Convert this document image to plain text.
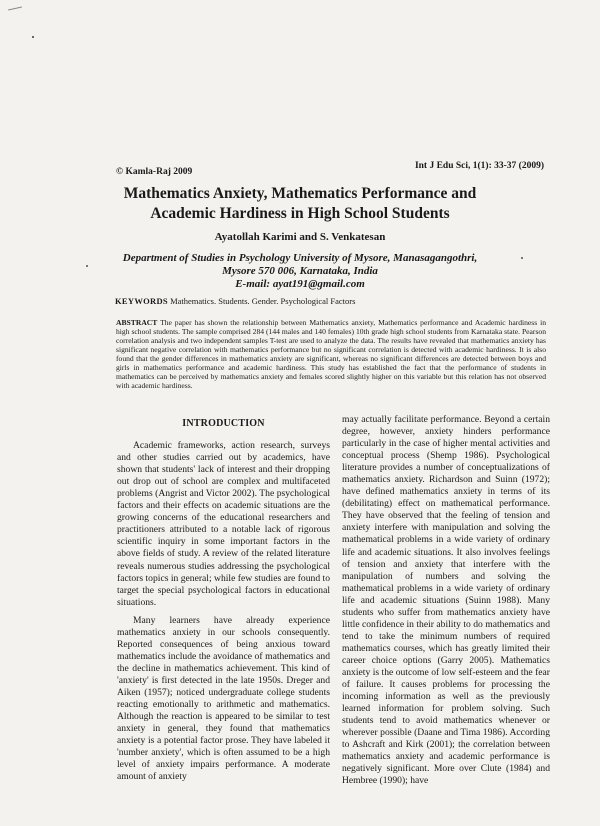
© Kamla-Raj 2009
Int J Edu Sci, 1(1): 33-37 (2009)
Mathematics Anxiety, Mathematics Performance and
Academic Hardiness in High School Students
Ayatollah Karimi and S. Venkatesan
Department of Studies in Psychology University of Mysore, Manasagangothri,
Mysore 570 006, Karnataka, India
E-mail: ayat191@gmail.com
KEYWORDS Mathematics. Students. Gender. Psychological Factors
ABSTRACT The paper has shown the relationship between Mathematics anxiety, Mathematics performance and Academic hardiness in high school students. The sample comprised 284 (144 males and 140 females) 10th grade high school students from Karnataka state. Pearson correlation analysis and two independent samples T-test are used to analyze the data. The results have revealed that mathematics anxiety has significant negative correlation with mathematics performance but no significant correlation is detected with academic hardiness. It is also found that the gender differences in mathematics anxiety are significant, whereas no significant differences are detected between boys and girls in mathematics performance and academic hardiness. This study has established the fact that the performance of students in mathematics can be perceived by mathematics anxiety and females scored slightly higher on this variable but this relation has not observed with academic hardiness.
INTRODUCTION

Academic frameworks, action research, surveys and other studies carried out by academics, have shown that students' lack of interest and their dropping out drop out of school are complex and multifaceted problems (Angrist and Victor 2002). The psychological factors and their effects on academic situations are the growing concerns of the educational researchers and practitioners attributed to a notable lack of rigorous scientific inquiry in some important factors in the above fields of study. A review of the related literature reveals numerous studies addressing the psychological factors topics in general; while few studies are found to target the special psychological factors in educational situations.

Many learners have already experience mathematics anxiety in our schools consequently. Reported consequences of being anxious toward mathematics include the avoidance of mathematics and the decline in mathematics achievement. This kind of 'anxiety' is first detected in the late 1950s. Dreger and Aiken (1957); noticed undergraduate college students reacting emotionally to arithmetic and mathematics. Although the reaction is appeared to be similar to test anxiety in general, they found that mathematics anxiety is a potential factor prose. They have labeled it 'number anxiety', which is often assumed to be a high level of anxiety impairs performance. A moderate amount of anxiety

may actually facilitate performance. Beyond a certain degree, however, anxiety hinders performance particularly in the case of higher mental activities and conceptual process (Shemp 1986). Psychological literature provides a number of conceptualizations of mathematics anxiety. Richardson and Suinn (1972); have defined mathematics anxiety in terms of its (debilitating) effect on mathematical performance. They have observed that the feeling of tension and anxiety interfere with manipulation and solving the mathematical problems in a wide variety of ordinary life and academic situations. It also involves feelings of tension and anxiety that interfere with the manipulation of numbers and solving the mathematical problems in a wide variety of ordinary life and academic situations (Suinn 1988). Many students who suffer from mathematics anxiety have little confidence in their ability to do mathematics and tend to take the minimum numbers of required mathematics courses, which has greatly limited their career choice options (Garry 2005). Mathematics anxiety is the outcome of low self-esteem and the fear of failure. It causes problems for processing the incoming information as well as the previously learned information for problem solving. Such students tend to avoid mathematics whenever or wherever possible (Daane and Tima 1986). According to Ashcraft and Kirk (2001); the correlation between mathematics anxiety and academic performance is negatively significant. More over Clute (1984) and Hembree (1990); have
